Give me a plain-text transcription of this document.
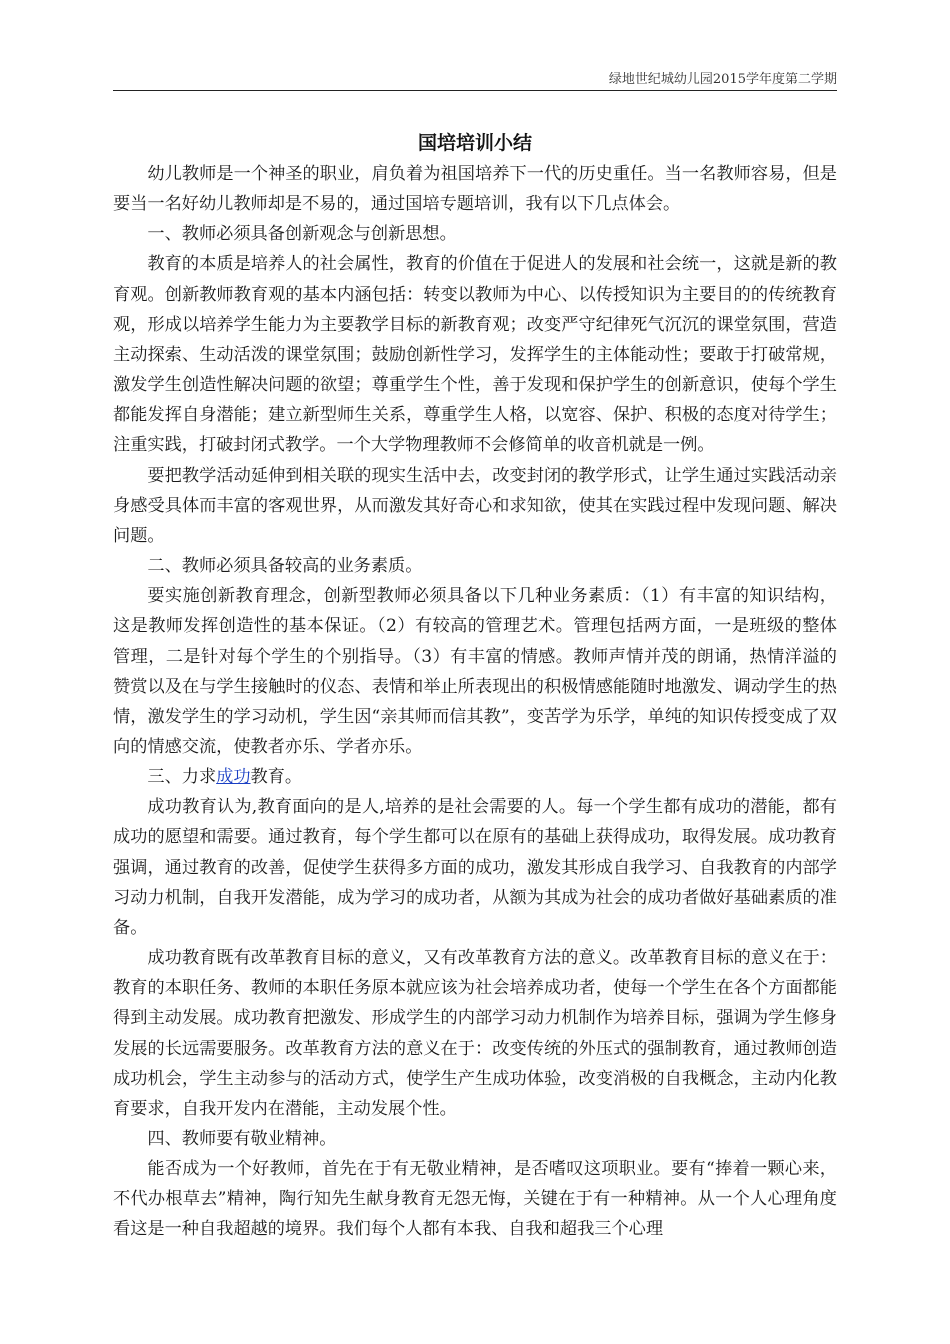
绿地世纪城幼儿园2015学年度第二学期
国培培训小结

幼儿教师是一个神圣的职业，肩负着为祖国培养下一代的历史重任。当一名教师容易，但是要当一名好幼儿教师却是不易的，通过国培专题培训，我有以下几点体会。

一、教师必须具备创新观念与创新思想。

教育的本质是培养人的社会属性，教育的价值在于促进人的发展和社会统一，这就是新的教育观。创新教师教育观的基本内涵包括：转变以教师为中心、以传授知识为主要目的的传统教育观，形成以培养学生能力为主要教学目标的新教育观；改变严守纪律死气沉沉的课堂氛围，营造主动探索、生动活泼的课堂氛围；鼓励创新性学习，发挥学生的主体能动性；要敢于打破常规，激发学生创造性解决问题的欲望；尊重学生个性，善于发现和保护学生的创新意识，使每个学生都能发挥自身潜能；建立新型师生关系，尊重学生人格，以宽容、保护、积极的态度对待学生；注重实践，打破封闭式教学。一个大学物理教师不会修简单的收音机就是一例。

要把教学活动延伸到相关联的现实生活中去，改变封闭的教学形式，让学生通过实践活动亲身感受具体而丰富的客观世界，从而激发其好奇心和求知欲，使其在实践过程中发现问题、解决问题。

二、教师必须具备较高的业务素质。

要实施创新教育理念，创新型教师必须具备以下几种业务素质：（1）有丰富的知识结构，这是教师发挥创造性的基本保证。（2）有较高的管理艺术。管理包括两方面，一是班级的整体管理，二是针对每个学生的个别指导。（3）有丰富的情感。教师声情并茂的朗诵，热情洋溢的赞赏以及在与学生接触时的仪态、表情和举止所表现出的积极情感能随时地激发、调动学生的热情，激发学生的学习动机，学生因“亲其师而信其教”，变苦学为乐学，单纯的知识传授变成了双向的情感交流，使教者亦乐、学者亦乐。

三、力求成功教育。

成功教育认为,教育面向的是人,培养的是社会需要的人。每一个学生都有成功的潜能，都有成功的愿望和需要。通过教育，每个学生都可以在原有的基础上获得成功，取得发展。成功教育强调，通过教育的改善，促使学生获得多方面的成功，激发其形成自我学习、自我教育的内部学习动力机制，自我开发潜能，成为学习的成功者，从额为其成为社会的成功者做好基础素质的准备。

成功教育既有改革教育目标的意义，又有改革教育方法的意义。改革教育目标的意义在于：教育的本职任务、教师的本职任务原本就应该为社会培养成功者，使每一个学生在各个方面都能得到主动发展。成功教育把激发、形成学生的内部学习动力机制作为培养目标，强调为学生修身发展的长远需要服务。改革教育方法的意义在于：改变传统的外压式的强制教育，通过教师创造成功机会，学生主动参与的活动方式，使学生产生成功体验，改变消极的自我概念，主动内化教育要求，自我开发内在潜能，主动发展个性。

四、教师要有敬业精神。

能否成为一个好教师，首先在于有无敬业精神，是否嗜叹这项职业。要有“捧着一颗心来，不代办根草去”精神，陶行知先生献身教育无怨无悔，关键在于有一种精神。从一个人心理角度看这是一种自我超越的境界。我们每个人都有本我、自我和超我三个心理
